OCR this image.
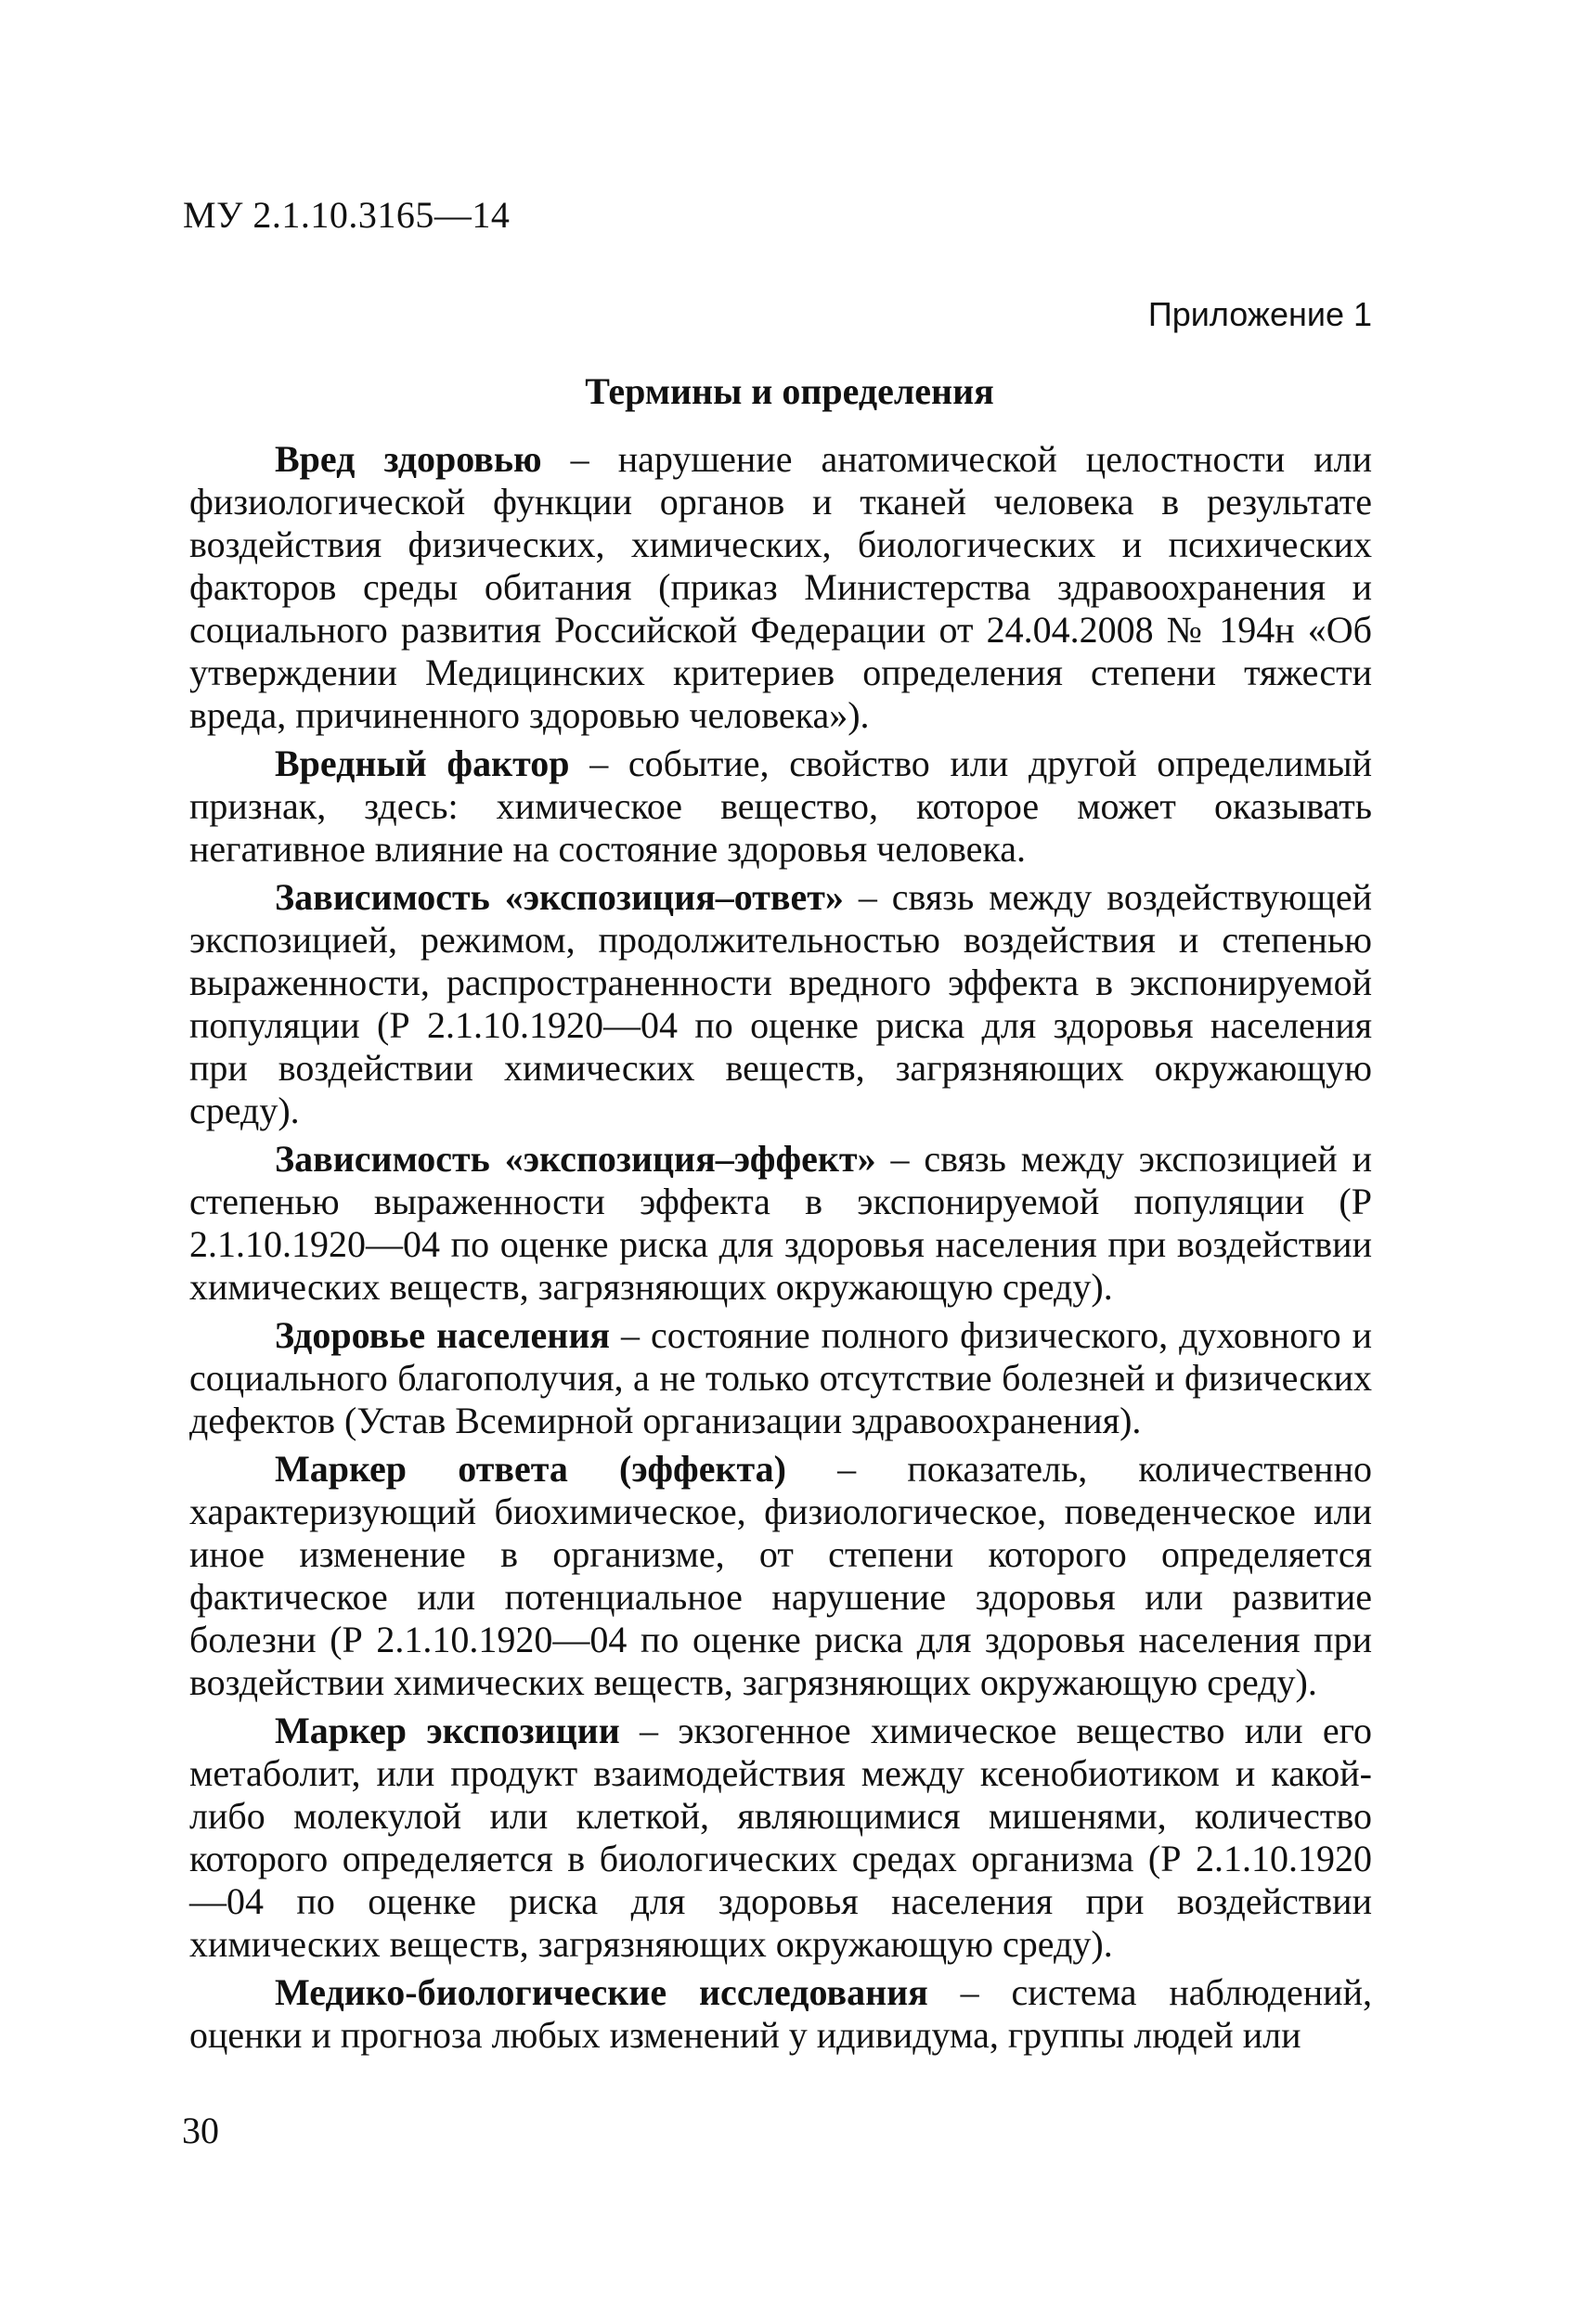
МУ 2.1.10.3165—14
Приложение 1
Термины и определения

Вред здоровью – нарушение анатомической целостности или физиологической функции органов и тканей человека в результате воздействия физических, химических, биологических и психических факторов среды обитания (приказ Министерства здравоохранения и социального развития Российской Федерации от 24.04.2008 № 194н «Об утверждении Медицинских критериев определения степени тяжести вреда, причиненного здоровью человека»).

Вредный фактор – событие, свойство или другой определимый признак, здесь: химическое вещество, которое может оказывать негативное влияние на состояние здоровья человека.

Зависимость «экспозиция–ответ» – связь между воздействующей экспозицией, режимом, продолжительностью воздействия и степенью выраженности, распространенности вредного эффекта в экспонируемой популяции (Р 2.1.10.1920—04 по оценке риска для здоровья населения при воздействии химических веществ, загрязняющих окружающую среду).

Зависимость «экспозиция–эффект» – связь между экспозицией и степенью выраженности эффекта в экспонируемой популяции (Р 2.1.10.1920—04 по оценке риска для здоровья населения при воздействии химических веществ, загрязняющих окружающую среду).

Здоровье населения – состояние полного физического, духовного и социального благополучия, а не только отсутствие болезней и физических дефектов (Устав Всемирной организации здравоохранения).

Маркер ответа (эффекта) – показатель, количественно характеризующий биохимическое, физиологическое, поведенческое или иное изменение в организме, от степени которого определяется фактическое или потенциальное нарушение здоровья или развитие болезни (Р 2.1.10.1920—04 по оценке риска для здоровья населения при воздействии химических веществ, загрязняющих окружающую среду).

Маркер экспозиции – экзогенное химическое вещество или его метаболит, или продукт взаимодействия между ксенобиотиком и какой-либо молекулой или клеткой, являющимися мишенями, количество которого определяется в биологических средах организма (Р 2.1.10.1920—04 по оценке риска для здоровья населения при воздействии химических веществ, загрязняющих окружающую среду).

Медико-биологические исследования – система наблюдений, оценки и прогноза любых изменений у идивидума, группы людей или

30
